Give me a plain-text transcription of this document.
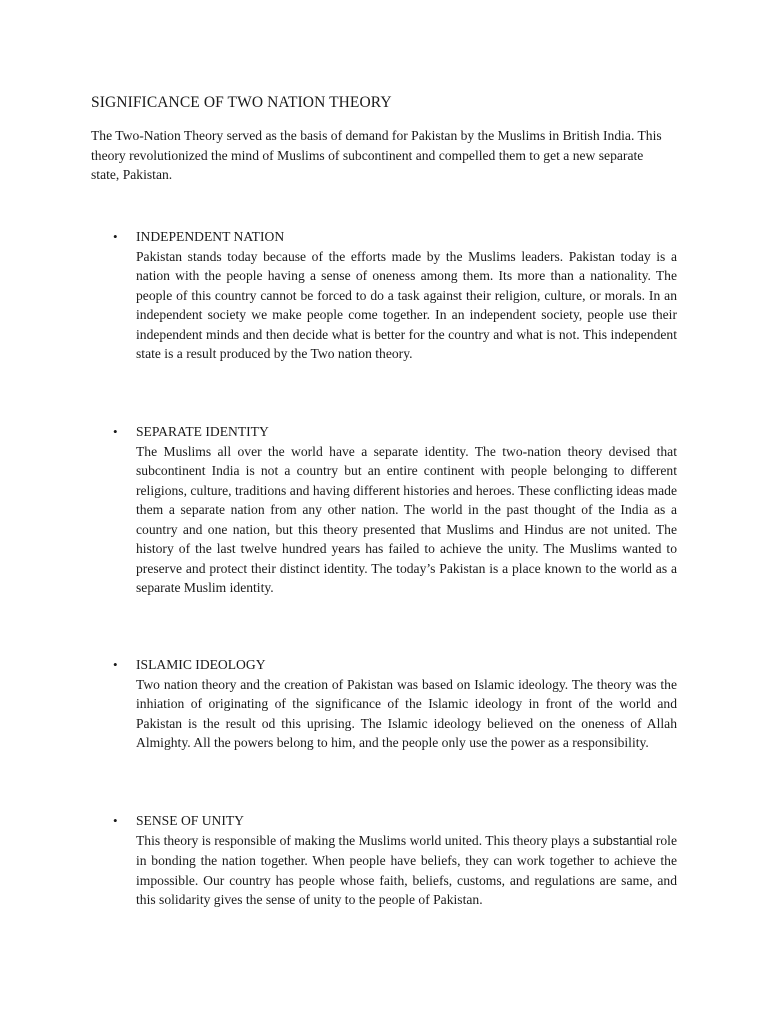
SIGNIFICANCE OF TWO NATION THEORY

The Two-Nation Theory served as the basis of demand for Pakistan by the Muslims in British India. This theory revolutionized the mind of Muslims of subcontinent and compelled them to get a new separate state, Pakistan.

• INDEPENDENT NATION

Pakistan stands today because of the efforts made by the Muslims leaders. Pakistan today is a nation with the people having a sense of oneness among them. Its more than a nationality. The people of this country cannot be forced to do a task against their religion, culture, or morals. In an independent society we make people come together. In an independent society, people use their independent minds and then decide what is better for the country and what is not. This independent state is a result produced by the Two nation theory.

• SEPARATE IDENTITY

The Muslims all over the world have a separate identity. The two-nation theory devised that subcontinent India is not a country but an entire continent with people belonging to different religions, culture, traditions and having different histories and heroes. These conflicting ideas made them a separate nation from any other nation. The world in the past thought of the India as a country and one nation, but this theory presented that Muslims and Hindus are not united. The history of the last twelve hundred years has failed to achieve the unity. The Muslims wanted to preserve and protect their distinct identity. The today’s Pakistan is a place known to the world as a separate Muslim identity.

• ISLAMIC IDEOLOGY

Two nation theory and the creation of Pakistan was based on Islamic ideology. The theory was the inhiation of originating of the significance of the Islamic ideology in front of the world and Pakistan is the result od this uprising. The Islamic ideology believed on the oneness of Allah Almighty. All the powers belong to him, and the people only use the power as a responsibility.

• SENSE OF UNITY

This theory is responsible of making the Muslims world united. This theory plays a substantial role in bonding the nation together. When people have beliefs, they can work together to achieve the impossible. Our country has people whose faith, beliefs, customs, and regulations are same, and this solidarity gives the sense of unity to the people of Pakistan.
